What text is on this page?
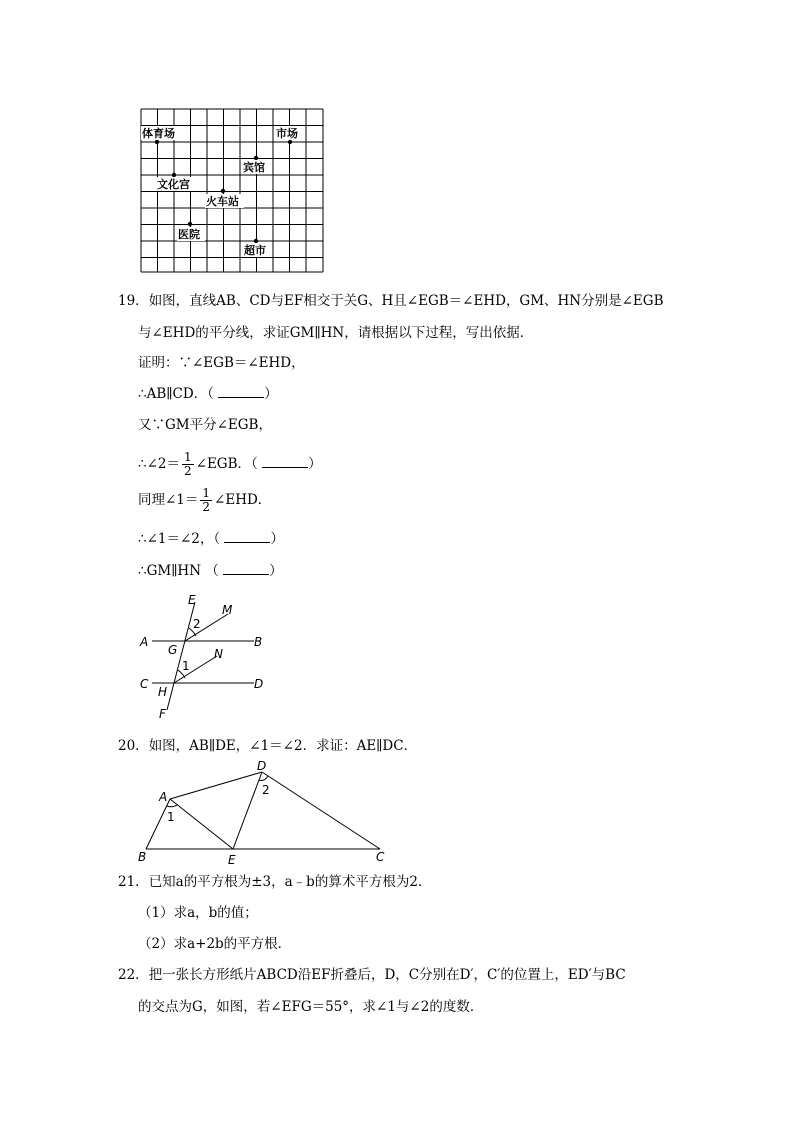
体育场	市场
宾馆
文化宫
火车站
医院
超市
19．如图，直线AB、CD与EF相交于关G、H且∠EGB＝∠EHD，GM、HN分别是∠EGB
与∠EHD的平分线，求证GM∥HN，请根据以下过程，写出依据．
证明：∵∠EGB＝∠EHD，
∴AB∥CD．（	）
又∵GM平分∠EGB，
∴∠2＝ $\frac{1}{2}$ ∠EGB．（	）
同理∠1＝ $\frac{1}{2}$ ∠EHD．
∴∠1＝∠2，（	）
∴GM∥HN （	）
E
M
2
A	B
G	N
1
C	D
H
F
20．如图，AB∥DE，∠1＝∠2．求证：AE∥DC．
D
2
A
1
B	E	C
21．已知a的平方根为±3，a﹣b的算术平方根为2．
（1）求a，b的值；
（2）求a+2b的平方根．
22．把一张长方形纸片ABCD沿EF折叠后，D，C分别在D′，C′的位置上，ED′与BC
的交点为G，如图，若∠EFG＝55°，求∠1与∠2的度数．
